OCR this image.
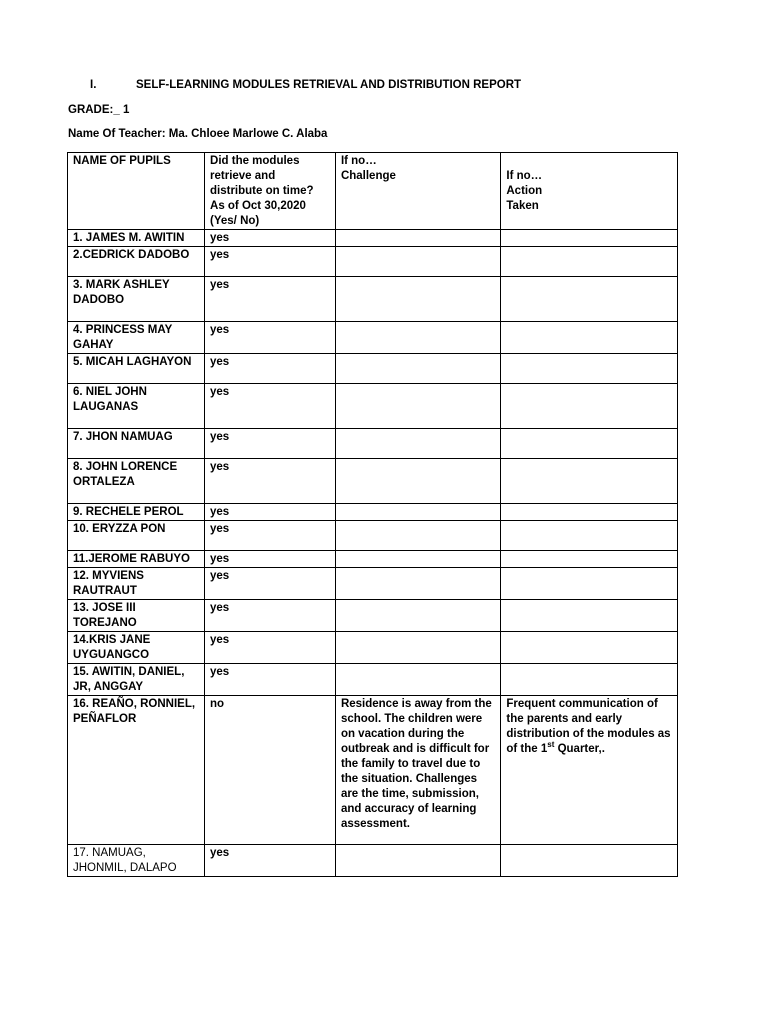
I.	SELF-LEARNING MODULES RETRIEVAL AND DISTRIBUTION REPORT
GRADE:_ 1
Name Of Teacher: Ma. Chloee Marlowe C. Alaba
NAME OF PUPILS	Did the modules retrieve and distribute on time? As of Oct 30,2020 (Yes/ No)	If no… Challenge	If no… Action Taken

1. JAMES M. AWITIN	yes		
2.CEDRICK DADOBO	yes		
3. MARK ASHLEY DADOBO	yes		
4. PRINCESS MAY GAHAY	yes		
5. MICAH LAGHAYON	yes		
6. NIEL JOHN LAUGANAS	yes		
7. JHON NAMUAG	yes		
8. JOHN LORENCE ORTALEZA	yes		
9. RECHELE PEROL	yes		
10. ERYZZA PON	yes		
11.JEROME RABUYO	yes		
12. MYVIENS RAUTRAUT	yes		
13. JOSE III TOREJANO	yes		
14.KRIS JANE UYGUANGCO	yes		
15. AWITIN, DANIEL, JR, ANGGAY	yes		
16. REAÑO, RONNIEL, PEÑAFLOR	no	Residence is away from the school. The children were on vacation during the outbreak and is difficult for the family to travel due to the situation. Challenges are the time, submission, and accuracy of learning assessment.	Frequent communication of the parents and early distribution of the modules as of the 1st Quarter,.
17. NAMUAG, JHONMIL, DALAPO	yes		
